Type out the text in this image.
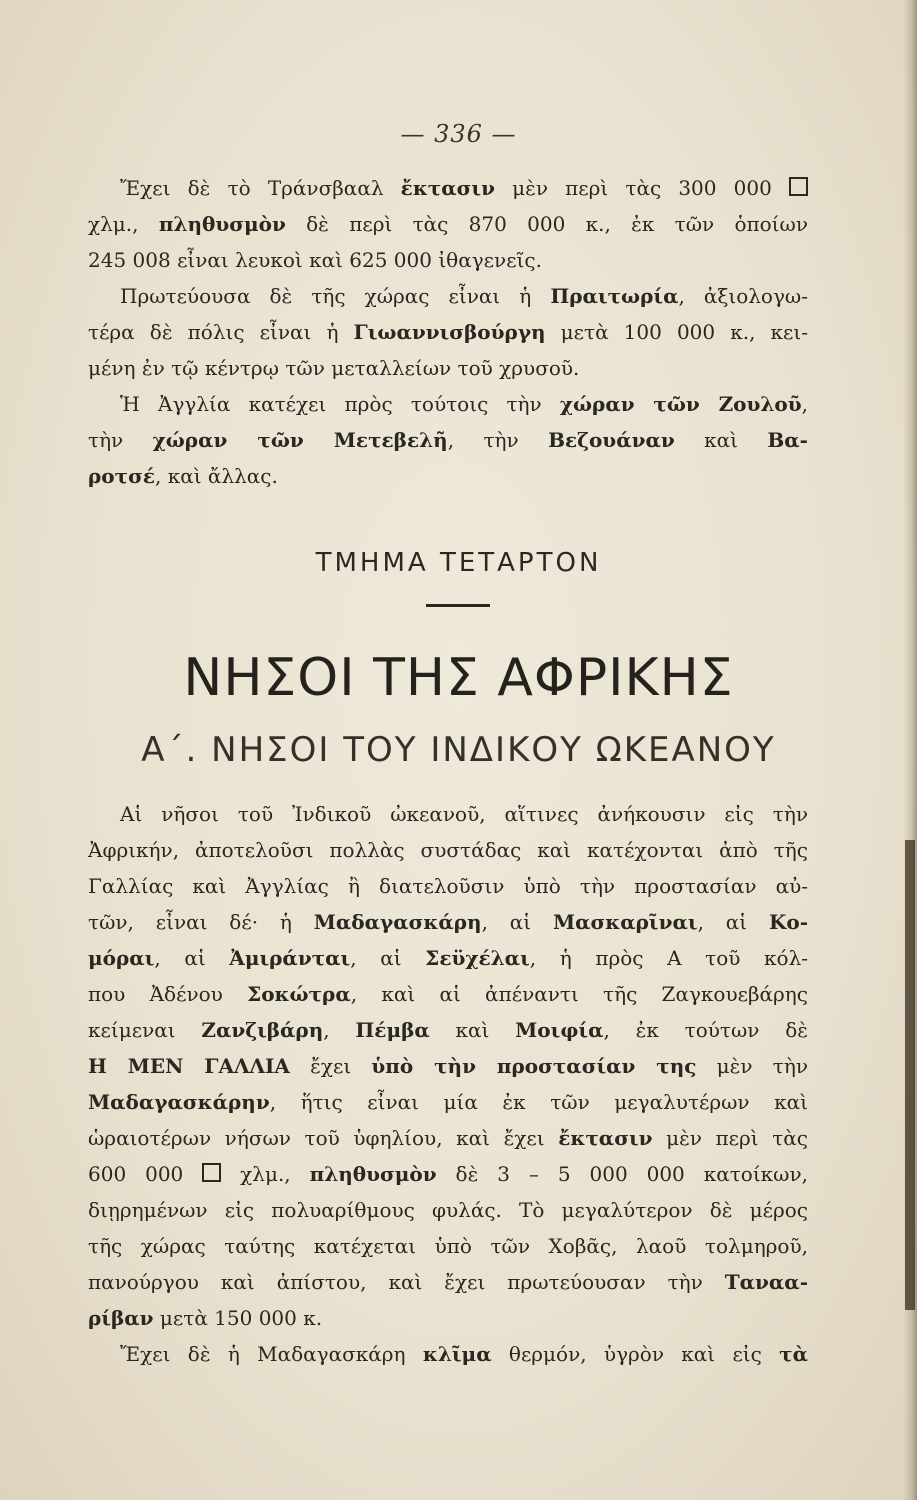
— 336 —
Ἔχει δὲ τὸ Τράνσβααλ ἔκτασιν μὲν περὶ τὰς 300 000
χλμ., πληθυσμὸν δὲ περὶ τὰς 870 000 κ., ἐκ τῶν ὁποίων
245 008 εἶναι λευκοὶ καὶ 625 000 ἰθαγενεῖς.
Πρωτεύουσα δὲ τῆς χώρας εἶναι ἡ Πραιτωρία, ἀξιολογω-
τέρα δὲ πόλις εἶναι ἡ Γιωαννισβούργη μετὰ 100 000 κ., κει-
μένη ἐν τῷ κέντρῳ τῶν μεταλλείων τοῦ χρυσοῦ.
Ἡ Ἀγγλία κατέχει πρὸς τούτοις τὴν χώραν τῶν Ζουλοῦ,
τὴν χώραν τῶν Μετεβελῆ, τὴν Βεζουάναν καὶ Βα-
ροτσέ, καὶ ἄλλας.
ΤΜΗΜΑ ΤΕΤΑΡΤΟΝ
ΝΗΣΟΙ ΤΗΣ ΑΦΡΙΚΗΣ
Α΄. ΝΗΣΟΙ ΤΟΥ ΙΝΔΙΚΟΥ ΩΚΕΑΝΟΥ
Αἱ νῆσοι τοῦ Ἰνδικοῦ ὠκεανοῦ, αἵτινες ἀνήκουσιν εἰς τὴν
Ἀφρικήν, ἀποτελοῦσι πολλὰς συστάδας καὶ κατέχονται ἀπὸ τῆς
Γαλλίας καὶ Ἀγγλίας ἢ διατελοῦσιν ὑπὸ τὴν προστασίαν αὐ-
τῶν, εἶναι δέ· ἡ Μαδαγασκάρη, αἱ Μασκαρῖναι, αἱ Κο-
μόραι, αἱ Ἀμιράνται, αἱ Σεϋχέλαι, ἡ πρὸς Α τοῦ κόλ-
που Ἀδένου Σοκώτρα, καὶ αἱ ἀπέναντι τῆς Ζαγκουεβάρης
κείμεναι Ζανζιβάρη, Πέμβα καὶ Μοιφία, ἐκ τούτων δὲ
Η ΜΕΝ ΓΑΛΛΙΑ ἔχει ὑπὸ τὴν προστασίαν της μὲν τὴν
Μαδαγασκάρην, ἥτις εἶναι μία ἐκ τῶν μεγαλυτέρων καὶ
ὡραιοτέρων νήσων τοῦ ὑφηλίου, καὶ ἔχει ἔκτασιν μὲν περὶ τὰς
600 000  χλμ., πληθυσμὸν δὲ 3 – 5 000 000 κατοίκων,
διῃρημένων εἰς πολυαρίθμους φυλάς. Τὸ μεγαλύτερον δὲ μέρος
τῆς χώρας ταύτης κατέχεται ὑπὸ τῶν Χοβᾶς, λαοῦ τολμηροῦ,
πανούργου καὶ ἀπίστου, καὶ ἔχει πρωτεύουσαν τὴν Ταναα-
ρίβαν μετὰ 150 000 κ.
Ἔχει δὲ ἡ Μαδαγασκάρη κλῖμα θερμόν, ὑγρὸν καὶ εἰς τὰ
